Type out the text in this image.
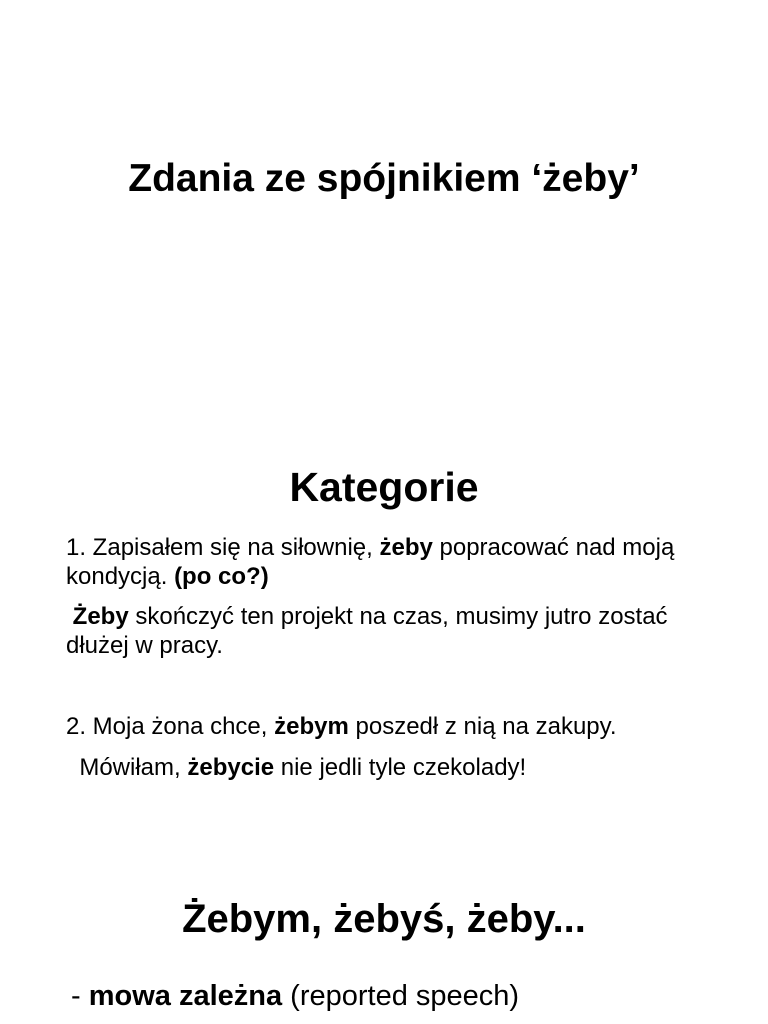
Zdania ze spójnikiem ‘żeby’
Kategorie

1. Zapisałem się na siłownię, żeby popracować nad moją kondycją. (po co?)

Żeby skończyć ten projekt na czas, musimy jutro zostać dłużej w pracy.

2. Moja żona chce, żebym poszedł z nią na zakupy.

Mówiłam, żebycie nie jedli tyle czekolady!

Żebym, żebyś, żeby...

- mowa zależna (reported speech)
